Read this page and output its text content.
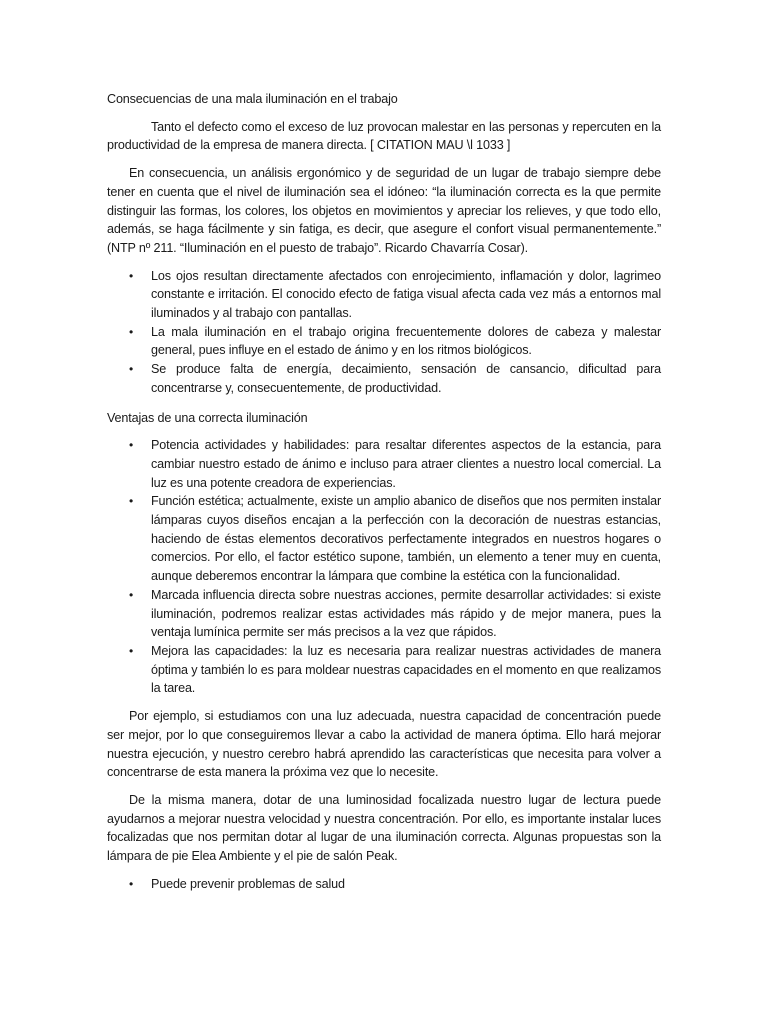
Consecuencias de una mala iluminación en el trabajo

Tanto el defecto como el exceso de luz provocan malestar en las personas y repercuten en la productividad de la empresa de manera directa. [ CITATION MAU \l 1033 ]

En consecuencia, un análisis ergonómico y de seguridad de un lugar de trabajo siempre debe tener en cuenta que el nivel de iluminación sea el idóneo: “la iluminación correcta es la que permite distinguir las formas, los colores, los objetos en movimientos y apreciar los relieves, y que todo ello, además, se haga fácilmente y sin fatiga, es decir, que asegure el confort visual permanentemente.” (NTP nº 211. “Iluminación en el puesto de trabajo”. Ricardo Chavarría Cosar).

• Los ojos resultan directamente afectados con enrojecimiento, inflamación y dolor, lagrimeo constante e irritación. El conocido efecto de fatiga visual afecta cada vez más a entornos mal iluminados y al trabajo con pantallas.
• La mala iluminación en el trabajo origina frecuentemente dolores de cabeza y malestar general, pues influye en el estado de ánimo y en los ritmos biológicos.
• Se produce falta de energía, decaimiento, sensación de cansancio, dificultad para concentrarse y, consecuentemente, de productividad.
Ventajas de una correcta iluminación
• Potencia actividades y habilidades: para resaltar diferentes aspectos de la estancia, para cambiar nuestro estado de ánimo e incluso para atraer clientes a nuestro local comercial. La luz es una potente creadora de experiencias.
• Función estética; actualmente, existe un amplio abanico de diseños que nos permiten instalar lámparas cuyos diseños encajan a la perfección con la decoración de nuestras estancias, haciendo de éstas elementos decorativos perfectamente integrados en nuestros hogares o comercios. Por ello, el factor estético supone, también, un elemento a tener muy en cuenta, aunque deberemos encontrar la lámpara que combine la estética con la funcionalidad.
• Marcada influencia directa sobre nuestras acciones, permite desarrollar actividades: si existe iluminación, podremos realizar estas actividades más rápido y de mejor manera, pues la ventaja lumínica permite ser más precisos a la vez que rápidos.
• Mejora las capacidades: la luz es necesaria para realizar nuestras actividades de manera óptima y también lo es para moldear nuestras capacidades en el momento en que realizamos la tarea.

Por ejemplo, si estudiamos con una luz adecuada, nuestra capacidad de concentración puede ser mejor, por lo que conseguiremos llevar a cabo la actividad de manera óptima. Ello hará mejorar nuestra ejecución, y nuestro cerebro habrá aprendido las características que necesita para volver a concentrarse de esta manera la próxima vez que lo necesite.

De la misma manera, dotar de una luminosidad focalizada nuestro lugar de lectura puede ayudarnos a mejorar nuestra velocidad y nuestra concentración. Por ello, es importante instalar luces focalizadas que nos permitan dotar al lugar de una iluminación correcta. Algunas propuestas son la lámpara de pie Elea Ambiente y el pie de salón Peak.

• Puede prevenir problemas de salud
